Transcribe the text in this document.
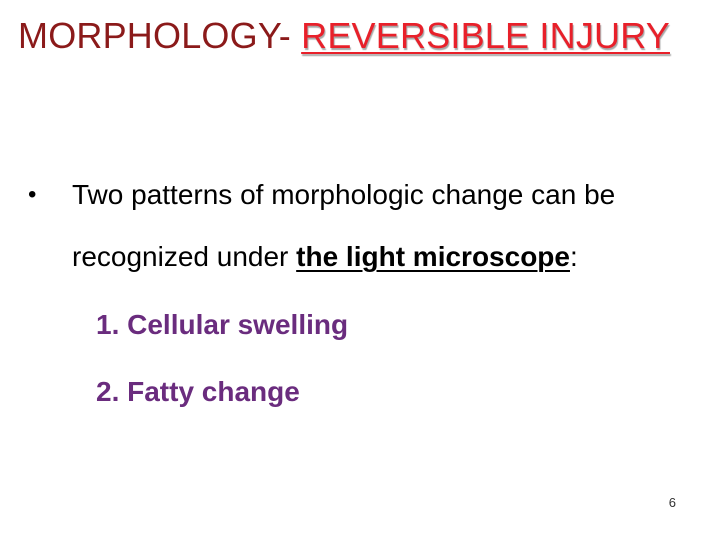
MORPHOLOGY- REVERSIBLE INJURY
• Two patterns of morphologic change can be
recognized under the light microscope:
1. Cellular swelling
2. Fatty change
6
